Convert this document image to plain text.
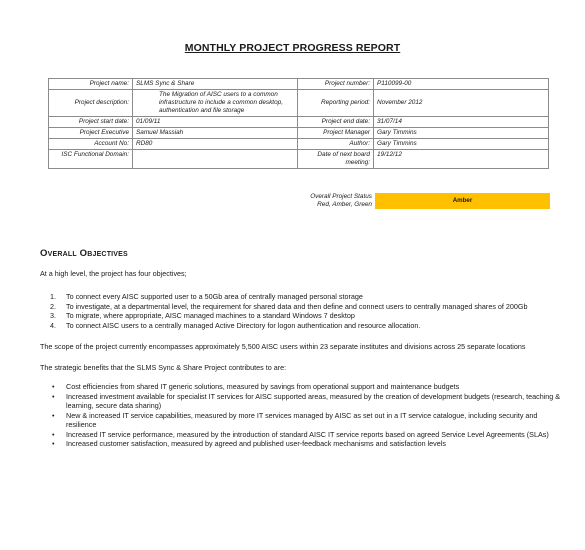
MONTHLY PROJECT PROGRESS REPORT
Project name:	SLMS Sync & Share	Project number:	P110099-00
Project description:	The Migration of AISC users to a common infrastructure to include a common desktop, authentication and file storage	Reporting period:	November 2012
Project start date:	01/09/11	Project end date:	31/07/14
Project Executive	Samuel Massiah	Project Manager	Gary Timmins
Account No:	RD80	Author:	Gary Timmins
ISC Functional Domain:		Date of next board meeting:	19/12/12
Overall Project Status
Red, Amber, Green
Amber
Overall Objectives
At a high level, the project has four objectives;
1. To connect every AISC supported user to a 50Gb area of centrally managed personal storage
2. To investigate, at a departmental level, the requirement for shared data and then define and connect users to centrally managed shares of 200Gb
3. To migrate, where appropriate, AISC managed machines to a standard Windows 7 desktop
4. To connect AISC users to a centrally managed Active Directory for logon authentication and resource allocation.
The scope of the project currently encompasses approximately 5,500 AISC users within 23 separate institutes and divisions across 25 separate locations
The strategic benefits that the SLMS Sync & Share Project contributes to are:
• Cost efficiencies from shared IT generic solutions, measured by savings from operational support and maintenance budgets
• Increased investment available for specialist IT services for AISC supported areas, measured by the creation of development budgets (research, teaching & learning, secure data sharing)
• New & increased IT service capabilities, measured by more IT services managed by AISC as set out in a IT service catalogue, including security and resilience
• Increased IT service performance, measured by the introduction of standard AISC IT service reports based on agreed Service Level Agreements (SLAs)
• Increased customer satisfaction, measured by agreed and published user-feedback mechanisms and satisfaction levels
